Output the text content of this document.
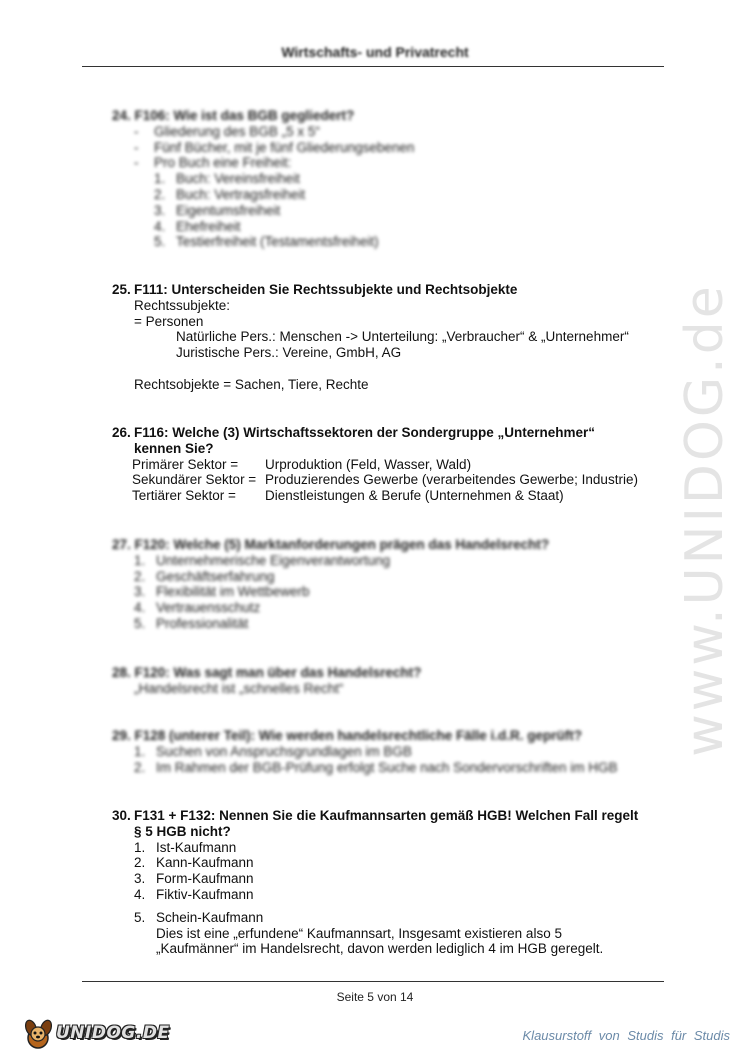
www.UNIDOG.de
Wirtschafts- und Privatrecht
24. F106: Wie ist das BGB gegliedert?
-	Gliederung des BGB „5 x 5“
-	Fünf Bücher, mit je fünf Gliederungsebenen
-	Pro Buch eine Freiheit:
1. Buch: Vereinsfreiheit
2. Buch: Vertragsfreiheit
3. Eigentumsfreiheit
4. Ehefreiheit
5. Testierfreiheit (Testamentsfreiheit)
25. F111: Unterscheiden Sie Rechtssubjekte und Rechtsobjekte
Rechtssubjekte:
= Personen
Natürliche Pers.: Menschen -> Unterteilung: „Verbraucher“ & „Unternehmer“
Juristische Pers.: Vereine, GmbH, AG
Rechtsobjekte = Sachen, Tiere, Rechte
26. F116: Welche (3) Wirtschaftssektoren der Sondergruppe „Unternehmer“
kennen Sie?
Primärer Sektor =	Urproduktion (Feld, Wasser, Wald)
Sekundärer Sektor = Produzierendes Gewerbe (verarbeitendes Gewerbe; Industrie)
Tertiärer Sektor =	Dienstleistungen & Berufe (Unternehmen & Staat)
27. F120: Welche (5) Marktanforderungen prägen das Handelsrecht?
1. Unternehmerische Eigenverantwortung
2. Geschäftserfahrung
3. Flexibilität im Wettbewerb
4. Vertrauensschutz
5. Professionalität
28. F120: Was sagt man über das Handelsrecht?
„Handelsrecht ist „schnelles Recht“
29. F128 (unterer Teil): Wie werden handelsrechtliche Fälle i.d.R. geprüft?
1. Suchen von Anspruchsgrundlagen im BGB
2. Im Rahmen der BGB-Prüfung erfolgt Suche nach Sondervorschriften im HGB
30. F131 + F132: Nennen Sie die Kaufmannsarten gemäß HGB! Welchen Fall regelt
§ 5 HGB nicht?
1. Ist-Kaufmann
2. Kann-Kaufmann
3. Form-Kaufmann
4. Fiktiv-Kaufmann
5. Schein-Kaufmann
Dies ist eine „erfundene“ Kaufmannsart, Insgesamt existieren also 5
„Kaufmänner“ im Handelsrecht, davon werden lediglich 4 im HGB geregelt.
Seite 5 von 14
UNIDOG.DE	Klausurstoff von Studis für Studis
